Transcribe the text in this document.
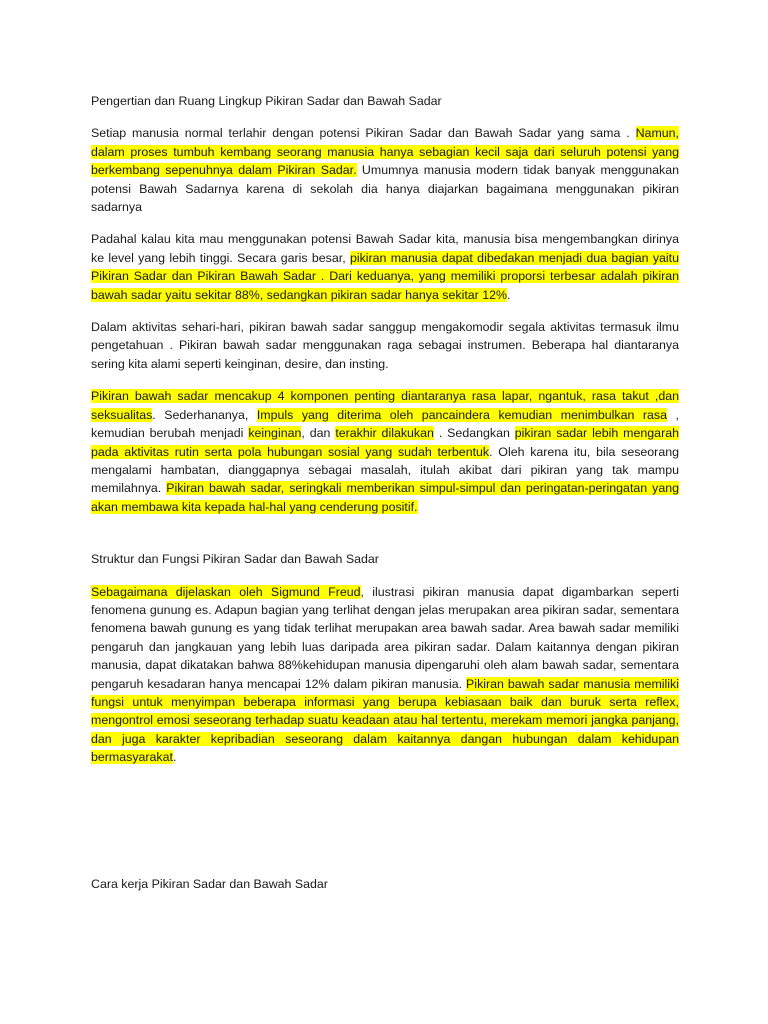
Pengertian dan Ruang Lingkup Pikiran Sadar dan Bawah Sadar

Setiap manusia normal terlahir dengan potensi Pikiran Sadar dan Bawah Sadar yang sama . Namun, dalam proses tumbuh kembang seorang manusia hanya sebagian kecil saja dari seluruh potensi yang berkembang sepenuhnya dalam Pikiran Sadar. Umumnya manusia modern tidak banyak menggunakan potensi Bawah Sadarnya karena di sekolah dia hanya diajarkan bagaimana menggunakan pikiran sadarnya

Padahal kalau kita mau menggunakan potensi Bawah Sadar kita, manusia bisa mengembangkan dirinya ke level yang lebih tinggi. Secara garis besar, pikiran manusia dapat dibedakan menjadi dua bagian yaitu Pikiran Sadar dan Pikiran Bawah Sadar . Dari keduanya, yang memiliki proporsi terbesar adalah pikiran bawah sadar yaitu sekitar 88%, sedangkan pikiran sadar hanya sekitar 12%.

Dalam aktivitas sehari-hari, pikiran bawah sadar sanggup mengakomodir segala aktivitas termasuk ilmu pengetahuan . Pikiran bawah sadar menggunakan raga sebagai instrumen. Beberapa hal diantaranya sering kita alami seperti keinginan, desire, dan insting.

Pikiran bawah sadar mencakup 4 komponen penting diantaranya rasa lapar, ngantuk, rasa takut ,dan seksualitas. Sederhananya, Impuls yang diterima oleh pancaindera kemudian menimbulkan rasa , kemudian berubah menjadi keinginan, dan terakhir dilakukan . Sedangkan pikiran sadar lebih mengarah pada aktivitas rutin serta pola hubungan sosial yang sudah terbentuk. Oleh karena itu, bila seseorang mengalami hambatan, dianggapnya sebagai masalah, itulah akibat dari pikiran yang tak mampu memilahnya. Pikiran bawah sadar, seringkali memberikan simpul-simpul dan peringatan-peringatan yang akan membawa kita kepada hal-hal yang cenderung positif.

Struktur dan Fungsi Pikiran Sadar dan Bawah Sadar

Sebagaimana dijelaskan oleh Sigmund Freud, ilustrasi pikiran manusia dapat digambarkan seperti fenomena gunung es. Adapun bagian yang terlihat dengan jelas merupakan area pikiran sadar, sementara fenomena bawah gunung es yang tidak terlihat merupakan area bawah sadar. Area bawah sadar memiliki pengaruh dan jangkauan yang lebih luas daripada area pikiran sadar. Dalam kaitannya dengan pikiran manusia, dapat dikatakan bahwa 88%kehidupan manusia dipengaruhi oleh alam bawah sadar, sementara pengaruh kesadaran hanya mencapai 12% dalam pikiran manusia. Pikiran bawah sadar manusia memiliki fungsi untuk menyimpan beberapa informasi yang berupa kebiasaan baik dan buruk serta reflex, mengontrol emosi seseorang terhadap suatu keadaan atau hal tertentu, merekam memori jangka panjang, dan juga karakter kepribadian seseorang dalam kaitannya dangan hubungan dalam kehidupan bermasyarakat.

Cara kerja Pikiran Sadar dan Bawah Sadar
